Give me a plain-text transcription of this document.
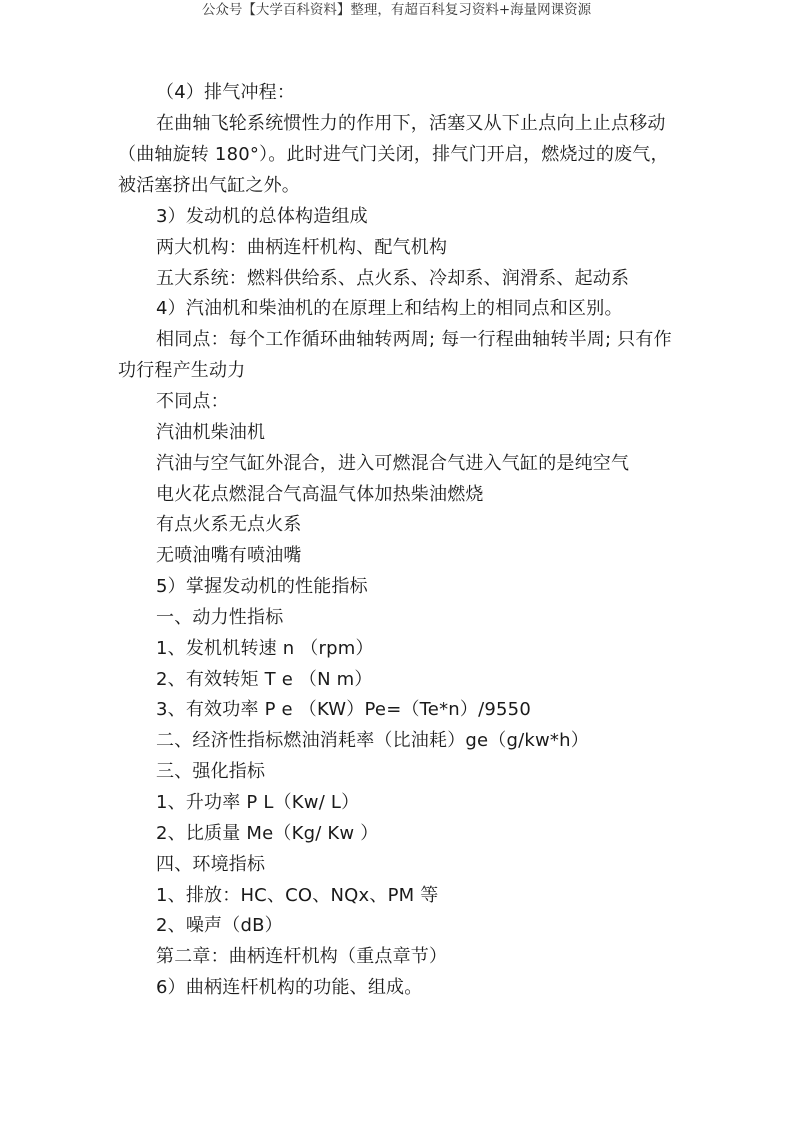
公众号【大学百科资料】整理，有超百科复习资料+海量网课资源
（4）排气冲程：
在曲轴飞轮系统惯性力的作用下，活塞又从下止点向上止点移动
（曲轴旋转 180°）。此时进气门关闭，排气门开启，燃烧过的废气，
被活塞挤出气缸之外。
3）发动机的总体构造组成
两大机构：曲柄连杆机构、配气机构
五大系统：燃料供给系、点火系、冷却系、润滑系、起动系
4）汽油机和柴油机的在原理上和结构上的相同点和区别。
相同点：每个工作循环曲轴转两周; 每一行程曲轴转半周; 只有作
功行程产生动力
不同点：
汽油机柴油机
汽油与空气缸外混合，进入可燃混合气进入气缸的是纯空气
电火花点燃混合气高温气体加热柴油燃烧
有点火系无点火系
无喷油嘴有喷油嘴
5）掌握发动机的性能指标
一、动力性指标
1、发机机转速 n （rpm）
2、有效转矩 T e （N m）
3、有效功率 P e （KW）Pe=（Te*n）/9550
二、经济性指标燃油消耗率（比油耗）ge（g/kw*h）
三、强化指标
1、升功率 P L（Kw/ L）
2、比质量 Me（Kg/ Kw ）
四、环境指标
1、排放：HC、CO、NQx、PM 等
2、噪声（dB）
第二章：曲柄连杆机构（重点章节）
6）曲柄连杆机构的功能、组成。
